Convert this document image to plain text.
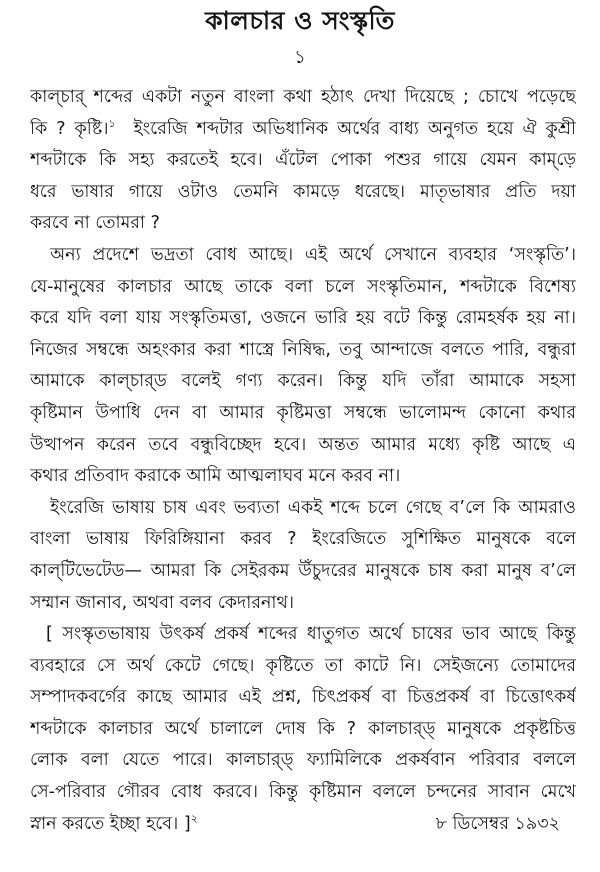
কালচার ও সংস্কৃতি
১
কাল্‌চার্‌ শব্দের একটা নতুন বাংলা কথা হঠাৎ দেখা দিয়েছে ; চোখে পড়েছে
কি ? কৃষ্টি।$^১$ ইংরেজি শব্দটার অভিধানিক অর্থের বাধ্য অনুগত হয়ে ঐ কুশ্রী
শব্দটাকে কি সহ্য করতেই হবে। এঁটেল পোকা পশুর গায়ে যেমন কাম্‌ড়ে
ধরে ভাষার গায়ে ওটাও তেমনি কামড়ে ধরেছে। মাতৃভাষার প্রতি দয়া
করবে না তোমরা ?
অন্য প্রদেশে ভদ্রতা বোধ আছে। এই অর্থে সেখানে ব্যবহার ‘সংস্কৃতি’।
যে-মানুষের কালচার আছে তাকে বলা চলে সংস্কৃতিমান, শব্দটাকে বিশেষ্য
করে যদি বলা যায় সংস্কৃতিমত্তা, ওজনে ভারি হয় বটে কিন্তু রোমহর্ষক হয় না।
নিজের সম্বন্ধে অহংকার করা শাস্ত্রে নিষিদ্ধ, তবু আন্দাজে বলতে পারি, বন্ধুরা
আমাকে কাল্‌চার্‌ড বলেই গণ্য করেন। কিন্তু যদি তাঁরা আমাকে সহসা
কৃষ্টিমান উপাধি দেন বা আমার কৃষ্টিমত্তা সম্বন্ধে ভালোমন্দ কোনো কথার
উত্থাপন করেন তবে বন্ধুবিচ্ছেদ হবে। অন্তত আমার মধ্যে কৃষ্টি আছে এ
কথার প্রতিবাদ করাকে আমি আত্মলাঘব মনে করব না।
ইংরেজি ভাষায় চাষ এবং ভব্যতা একই শব্দে চলে গেছে ব’লে কি আমরাও
বাংলা ভাষায় ফিরিঙ্গিয়ানা করব ? ইংরেজিতে সুশিক্ষিত মানুষকে বলে
কাল্‌টিভেটেড— আমরা কি সেইরকম উঁচুদরের মানুষকে চাষ করা মানুষ ব’লে
সম্মান জানাব, অথবা বলব কেদারনাথ।
[ সংস্কৃতভাষায় উৎকর্ষ প্রকর্ষ শব্দের ধাতুগত অর্থে চাষের ভাব আছে কিন্তু
ব্যবহারে সে অর্থ কেটে গেছে। কৃষ্টিতে তা কাটে নি। সেইজন্যে তোমাদের
সম্পাদকবর্গের কাছে আমার এই প্রশ্ন, চিৎপ্রকর্ষ বা চিত্তপ্রকর্ষ বা চিত্তোৎকর্ষ
শব্দটাকে কালচার অর্থে চালালে দোষ কি ? কালচার্‌ড্‌ মানুষকে প্রকৃষ্টচিত্ত
লোক বলা যেতে পারে। কালচার্‌ড্‌ ফ্যামিলিকে প্রকর্ষবান পরিবার বললে
সে-পরিবার গৌরব বোধ করবে। কিন্তু কৃষ্টিমান বললে চন্দনের সাবান মেখে
স্নান করতে ইচ্ছা হবে। ]$^২$	৮ ডিসেম্বর ১৯৩২
